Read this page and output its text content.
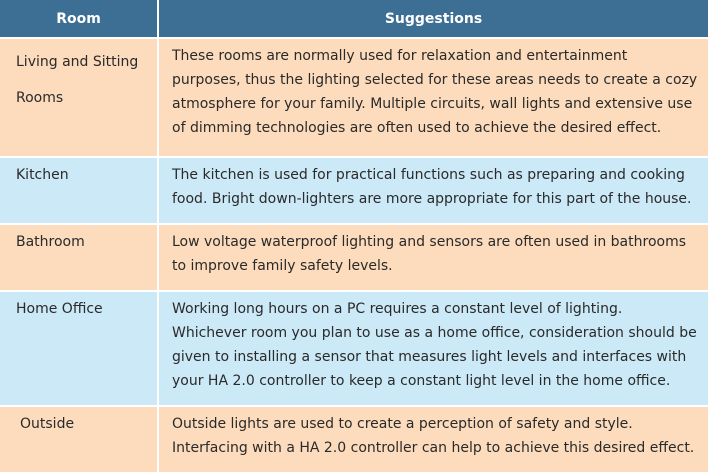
Room	Suggestions
Living and Sitting Rooms	These rooms are normally used for relaxation and entertainment purposes, thus the lighting selected for these areas needs to create a cozy atmosphere for your family. Multiple circuits, wall lights and extensive use of dimming technologies are often used to achieve the desired effect.
Kitchen	The kitchen is used for practical functions such as preparing and cooking food. Bright down-lighters are more appropriate for this part of the house.
Bathroom	Low voltage waterproof lighting and sensors are often used in bathrooms to improve family safety levels.
Home Office	Working long hours on a PC requires a constant level of lighting. Whichever room you plan to use as a home office, consideration should be given to installing a sensor that measures light levels and interfaces with your HA 2.0 controller to keep a constant light level in the home office.
Outside	Outside lights are used to create a perception of safety and style. Interfacing with a HA 2.0 controller can help to achieve this desired effect.
